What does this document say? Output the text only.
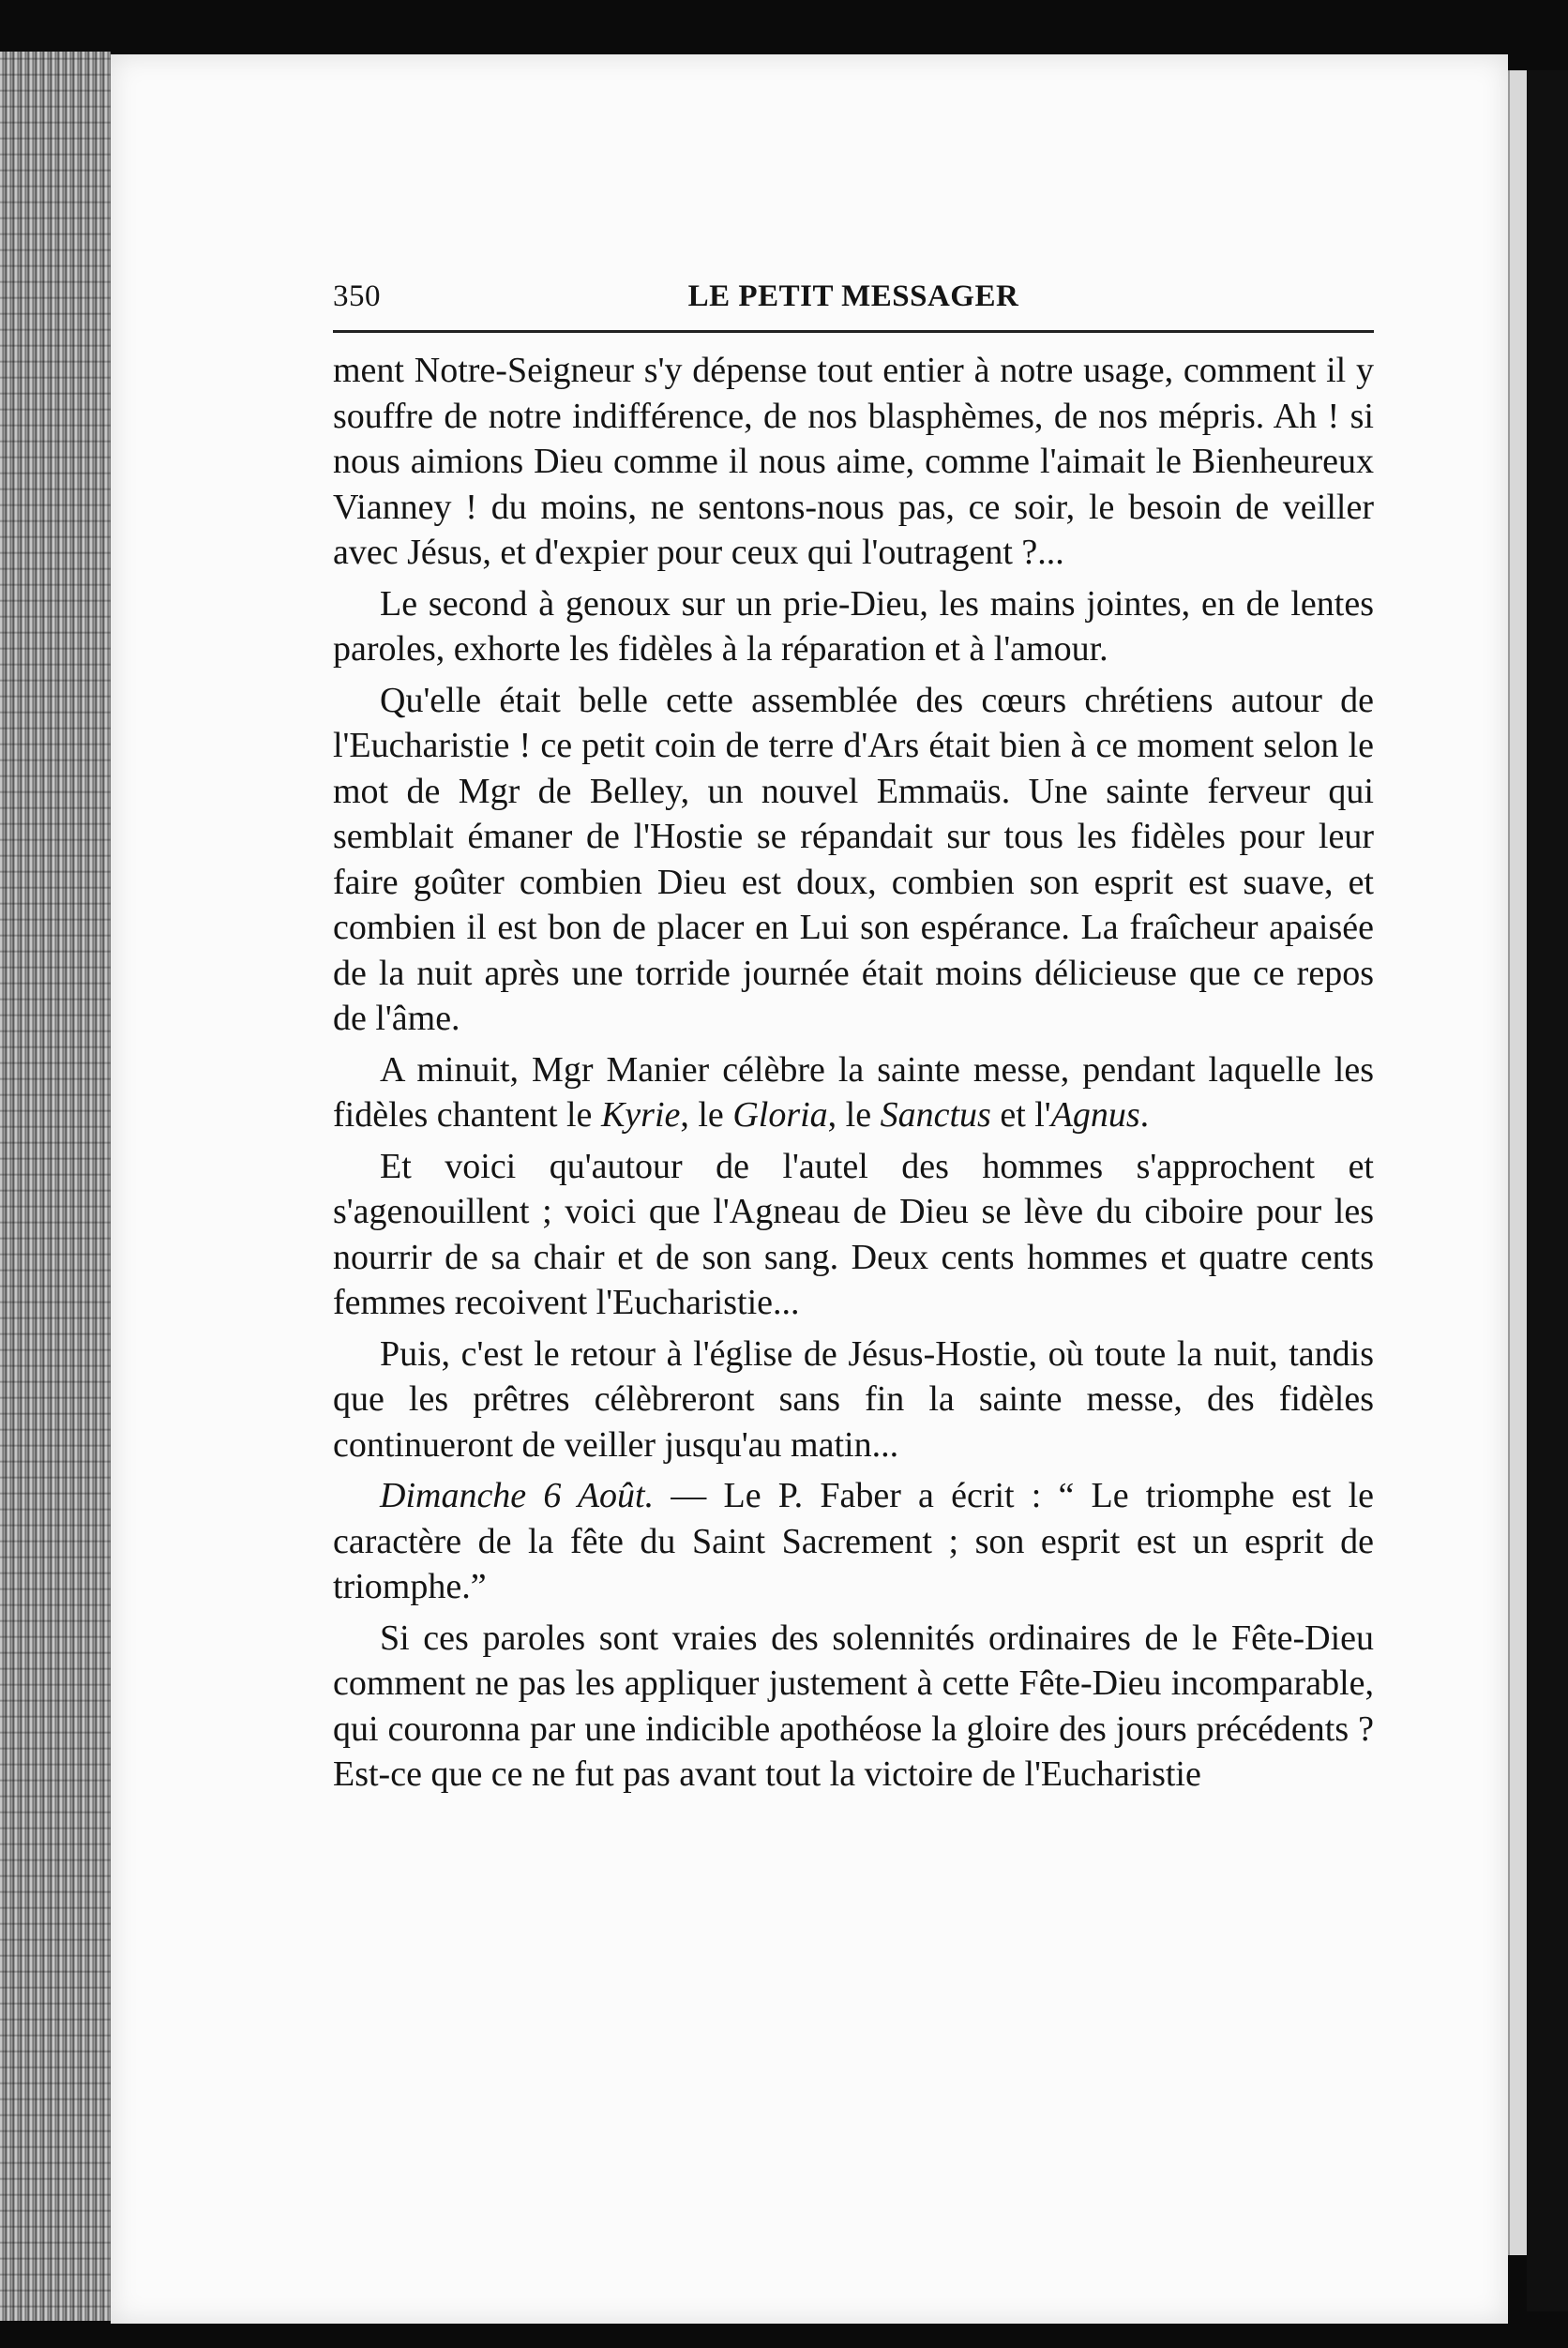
350	LE PETIT MESSAGER

ment Notre-Seigneur s'y dépense tout entier à notre usage, comment il y souffre de notre indifférence, de nos blasphèmes, de nos mépris. Ah ! si nous aimions Dieu comme il nous aime, comme l'aimait le Bienheureux Vianney ! du moins, ne sentons-nous pas, ce soir, le besoin de veiller avec Jésus, et d'expier pour ceux qui l'outragent ?...

Le second à genoux sur un prie-Dieu, les mains jointes, en de lentes paroles, exhorte les fidèles à la réparation et à l'amour.

Qu'elle était belle cette assemblée des cœurs chrétiens autour de l'Eucharistie ! ce petit coin de terre d'Ars était bien à ce moment selon le mot de Mgr de Belley, un nouvel Emmaüs. Une sainte ferveur qui semblait émaner de l'Hostie se répandait sur tous les fidèles pour leur faire goûter combien Dieu est doux, combien son esprit est suave, et combien il est bon de placer en Lui son espérance. La fraîcheur apaisée de la nuit après une torride journée était moins délicieuse que ce repos de l'âme.

A minuit, Mgr Manier célèbre la sainte messe, pendant laquelle les fidèles chantent le Kyrie, le Gloria, le Sanctus et l'Agnus.

Et voici qu'autour de l'autel des hommes s'approchent et s'agenouillent ; voici que l'Agneau de Dieu se lève du ciboire pour les nourrir de sa chair et de son sang. Deux cents hommes et quatre cents femmes recoivent l'Eucharistie...

Puis, c'est le retour à l'église de Jésus-Hostie, où toute la nuit, tandis que les prêtres célèbreront sans fin la sainte messe, des fidèles continueront de veiller jusqu'au matin...

Dimanche 6 Août. — Le P. Faber a écrit : “ Le triomphe est le caractère de la fête du Saint Sacrement ; son esprit est un esprit de triomphe.”

Si ces paroles sont vraies des solennités ordinaires de le Fête-Dieu comment ne pas les appliquer justement à cette Fête-Dieu incomparable, qui couronna par une indicible apothéose la gloire des jours précédents ? Est-ce que ce ne fut pas avant tout la victoire de l'Eucharistie
